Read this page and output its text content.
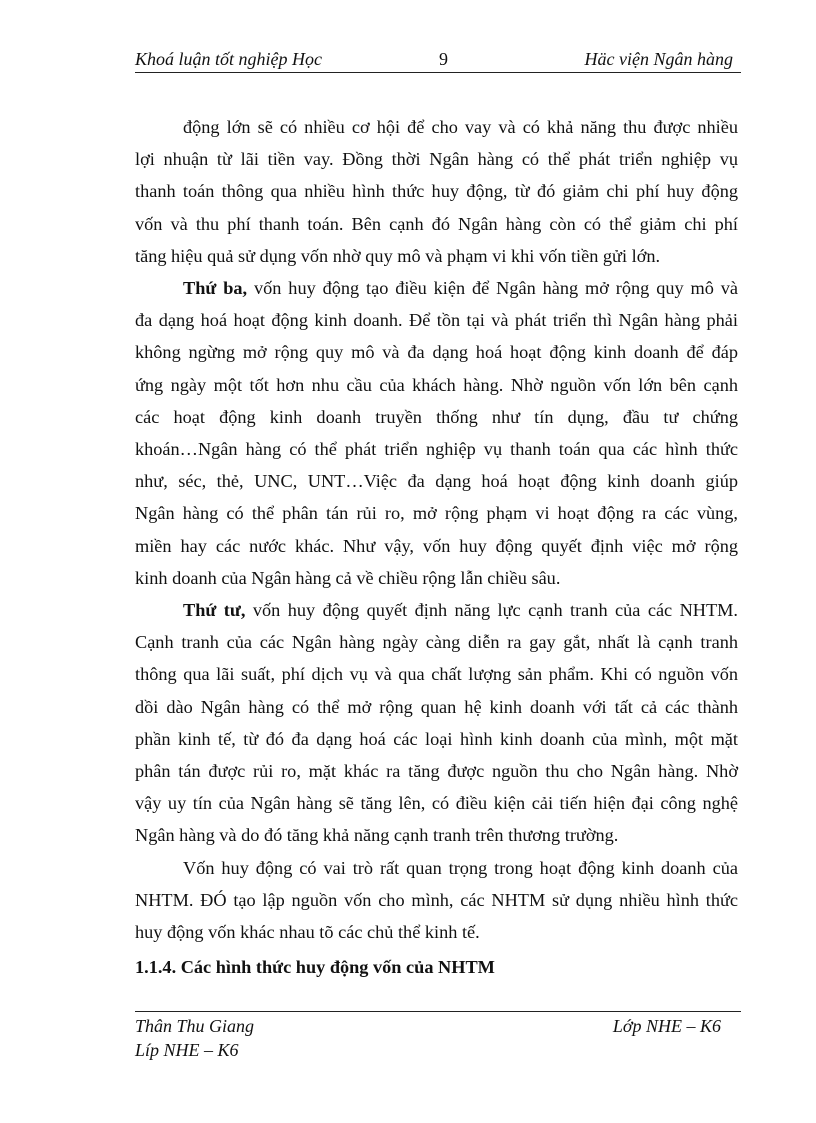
Khoá luận tốt nghiệp Học	9	Häc viện Ngân hàng

động lớn sẽ có nhiều cơ hội để cho vay và có khả năng thu được nhiều
lợi nhuận từ lãi tiền vay. Đồng thời Ngân hàng có thể phát triển nghiệp vụ
thanh toán thông qua nhiều hình thức huy động, từ đó giảm chi phí huy động
vốn và thu phí thanh toán. Bên cạnh đó Ngân hàng còn có thể giảm chi phí
tăng hiệu quả sử dụng vốn nhờ quy mô và phạm vi khi vốn tiền gửi lớn.

Thứ ba, vốn huy động tạo điều kiện để Ngân hàng mở rộng quy mô và
đa dạng hoá hoạt động kinh doanh. Để tồn tại và phát triển thì Ngân hàng phải
không ngừng mở rộng quy mô và đa dạng hoá hoạt động kinh doanh để đáp
ứng ngày một tốt hơn nhu cầu của khách hàng. Nhờ nguồn vốn lớn bên cạnh
các hoạt động kinh doanh truyền thống như tín dụng, đầu tư chứng
khoán…Ngân hàng có thể phát triển nghiệp vụ thanh toán qua các hình thức
như, séc, thẻ, UNC, UNT…Việc đa dạng hoá hoạt động kinh doanh giúp
Ngân hàng có thể phân tán rủi ro, mở rộng phạm vi hoạt động ra các vùng,
miền hay các nước khác. Như vậy, vốn huy động quyết định việc mở rộng
kinh doanh của Ngân hàng cả về chiều rộng lẫn chiều sâu.

Thứ tư, vốn huy động quyết định năng lực cạnh tranh của các NHTM.
Cạnh tranh của các Ngân hàng ngày càng diễn ra gay gắt, nhất là cạnh tranh
thông qua lãi suất, phí dịch vụ và qua chất lượng sản phẩm. Khi có nguồn vốn
dồi dào Ngân hàng có thể mở rộng quan hệ kinh doanh với tất cả các thành
phần kinh tế, từ đó đa dạng hoá các loại hình kinh doanh của mình, một mặt
phân tán được rủi ro, mặt khác ra tăng được nguồn thu cho Ngân hàng. Nhờ
vậy uy tín của Ngân hàng sẽ tăng lên, có điều kiện cải tiến hiện đại công nghệ
Ngân hàng và do đó tăng khả năng cạnh tranh trên thương trường.

Vốn huy động có vai trò rất quan trọng trong hoạt động kinh doanh của
NHTM. ĐÓ tạo lập nguồn vốn cho mình, các NHTM sử dụng nhiều hình thức
huy động vốn khác nhau tõ các chủ thể kinh tế.

1.1.4. Các hình thức huy động vốn của NHTM
Thân Thu Giang	Lớp NHE – K6
Líp NHE – K6
